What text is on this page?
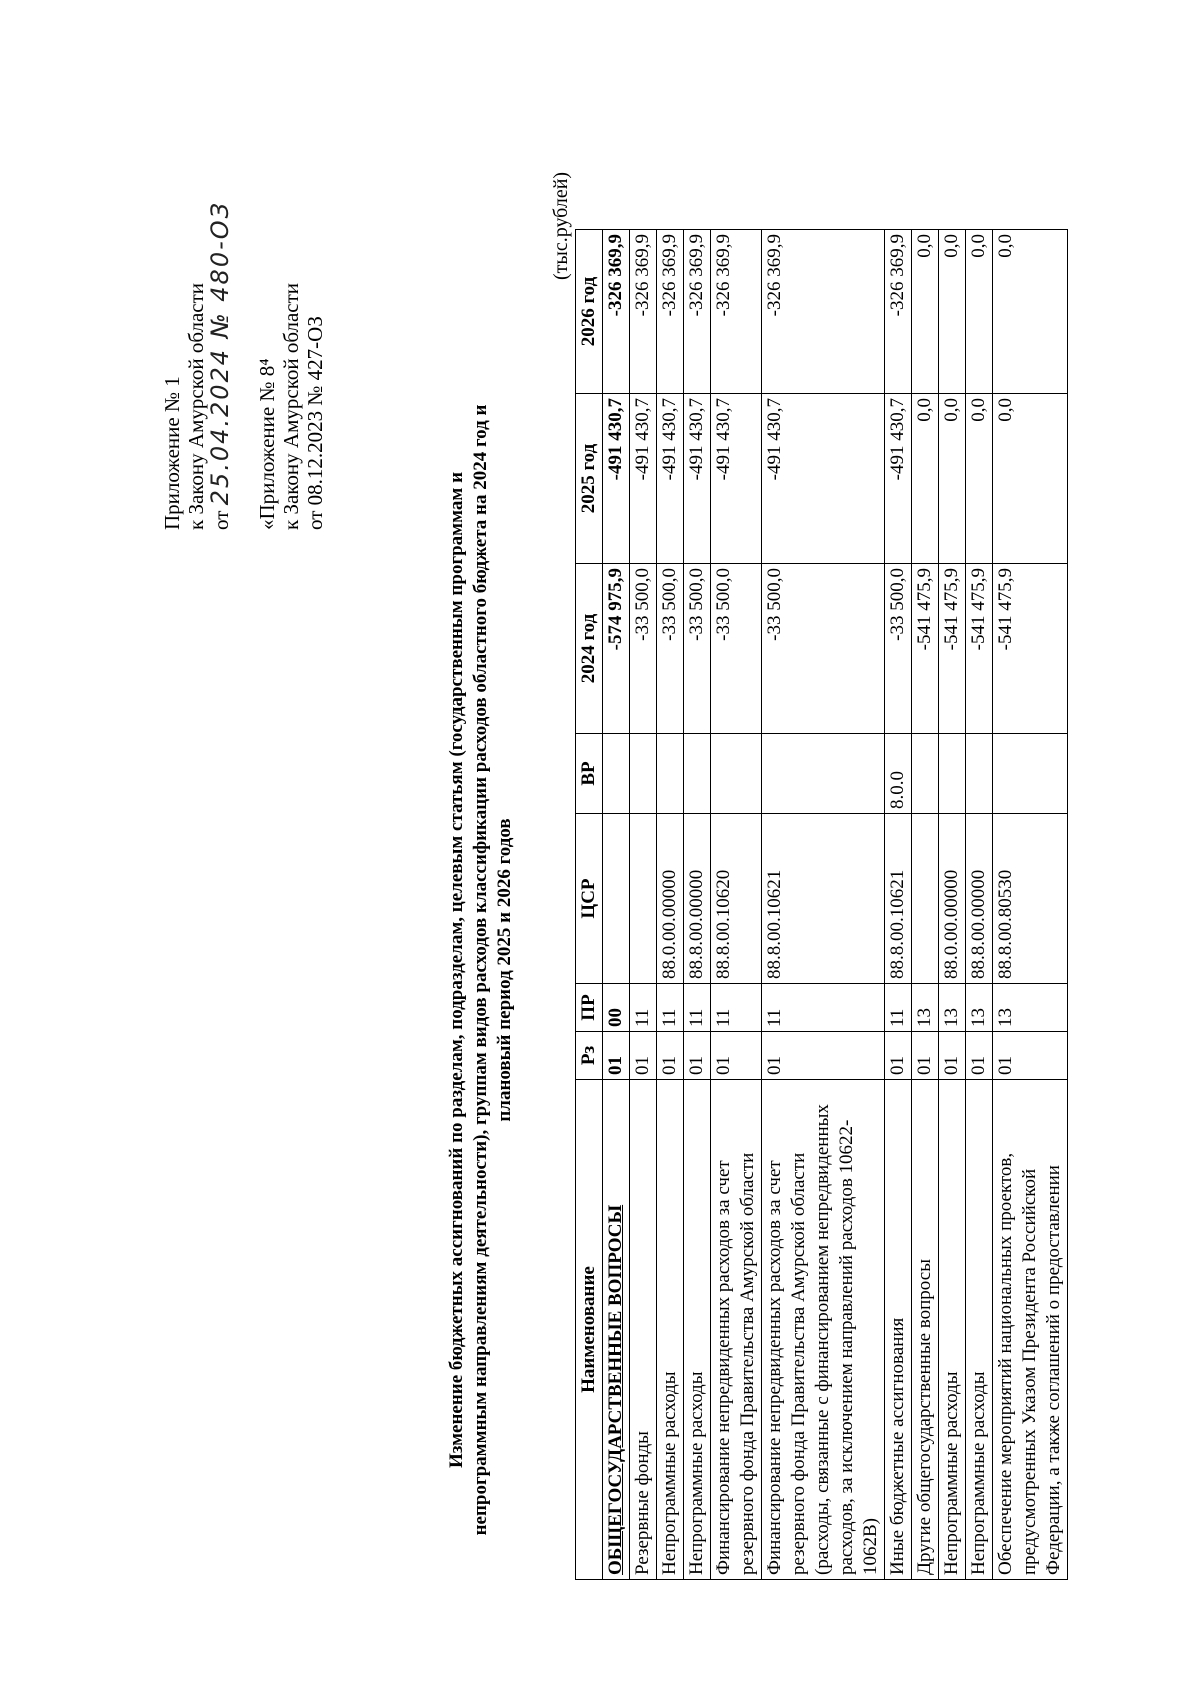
Приложение № 1 к Закону Амурской области от 25.04.2024 № 480-ОЗ «Приложение № 8⁴ к Закону Амурской области от 08.12.2023 № 427-ОЗ
Изменение бюджетных ассигнований по разделам, подразделам, целевым статьям (государственным программам и непрограммным направлениям деятельности), группам видов расходов классификации расходов областного бюджета на 2024 год и плановый период 2025 и 2026 годов
(тыс.рублей)
Наименование	Рз	ПР	ЦСР	ВР	2024 год	2025 год	2026 год
ОБЩЕГОСУДАРСТВЕННЫЕ ВОПРОСЫ	01	00			-574 975,9	-491 430,7	-326 369,9
Резервные фонды	01	11			-33 500,0	-491 430,7	-326 369,9
Непрограммные расходы	01	11	88.0.00.00000		-33 500,0	-491 430,7	-326 369,9
Непрограммные расходы	01	11	88.8.00.00000		-33 500,0	-491 430,7	-326 369,9
Финансирование непредвиденных расходов за счет резервного фонда Правительства Амурской области	01	11	88.8.00.10620		-33 500,0	-491 430,7	-326 369,9
Финансирование непредвиденных расходов за счет резервного фонда Правительства Амурской области (расходы, связанные с финансированием непредвиденных расходов, за исключением направлений расходов 10622-1062В)	01	11	88.8.00.10621		-33 500,0	-491 430,7	-326 369,9
Иные бюджетные ассигнования	01	11	88.8.00.10621	8.0.0	-33 500,0	-491 430,7	-326 369,9
Другие общегосударственные вопросы	01	13			-541 475,9	0,0	0,0
Непрограммные расходы	01	13	88.0.00.00000		-541 475,9	0,0	0,0
Непрограммные расходы	01	13	88.8.00.00000		-541 475,9	0,0	0,0
Обеспечение мероприятий национальных проектов, предусмотренных Указом Президента Российской Федерации, а также соглашений о предоставлении	01	13	88.8.00.80530		-541 475,9	0,0	0,0
